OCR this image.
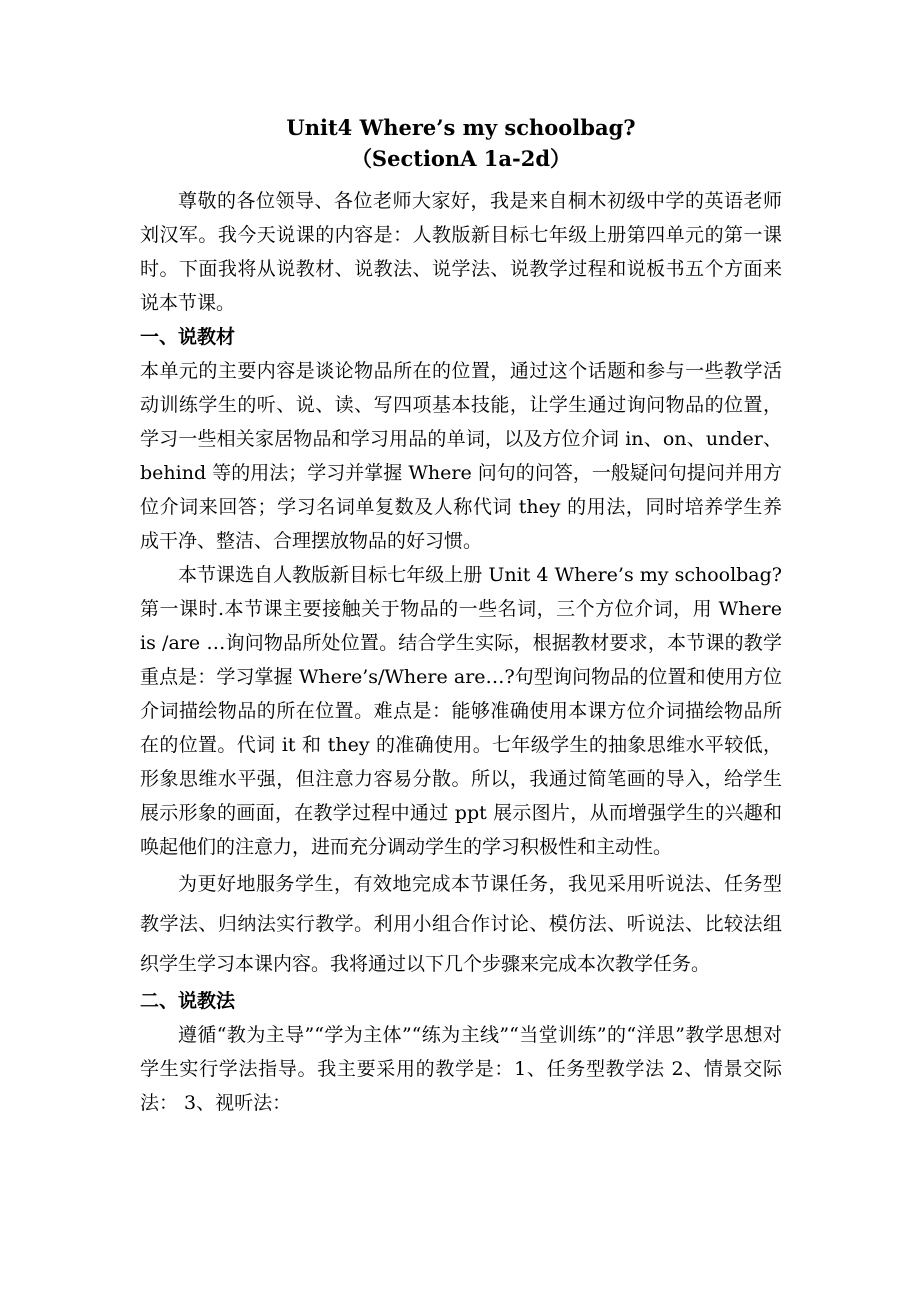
Unit4 Where’s my schoolbag?

（SectionA 1a-2d）

尊敬的各位领导、各位老师大家好，我是来自桐木初级中学的英语老师刘汉军。我今天说课的内容是：人教版新目标七年级上册第四单元的第一课时。下面我将从说教材、说教法、说学法、说教学过程和说板书五个方面来说本节课。

一、说教材

本单元的主要内容是谈论物品所在的位置，通过这个话题和参与一些教学活动训练学生的听、说、读、写四项基本技能，让学生通过询问物品的位置，学习一些相关家居物品和学习用品的单词，以及方位介词 in、on、under、behind 等的用法；学习并掌握 Where 问句的问答，一般疑问句提问并用方位介词来回答；学习名词单复数及人称代词 they 的用法，同时培养学生养成干净、整洁、合理摆放物品的好习惯。

本节课选自人教版新目标七年级上册 Unit 4 Where’s my schoolbag?第一课时.本节课主要接触关于物品的一些名词，三个方位介词，用 Where is /are …询问物品所处位置。结合学生实际，根据教材要求，本节课的教学重点是：学习掌握 Where’s/Where are…?句型询问物品的位置和使用方位介词描绘物品的所在位置。难点是：能够准确使用本课方位介词描绘物品所在的位置。代词 it 和 they 的准确使用。七年级学生的抽象思维水平较低，形象思维水平强，但注意力容易分散。所以，我通过简笔画的导入，给学生展示形象的画面，在教学过程中通过 ppt 展示图片，从而增强学生的兴趣和唤起他们的注意力，进而充分调动学生的学习积极性和主动性。

为更好地服务学生，有效地完成本节课任务，我见采用听说法、任务型教学法、归纳法实行教学。利用小组合作讨论、模仿法、听说法、比较法组织学生学习本课内容。我将通过以下几个步骤来完成本次教学任务。

二、说教法

遵循“教为主导”“学为主体”“练为主线”“当堂训练”的“洋思”教学思想对学生实行学法指导。我主要采用的教学是：1、任务型教学法 2、情景交际法： 3、视听法：
